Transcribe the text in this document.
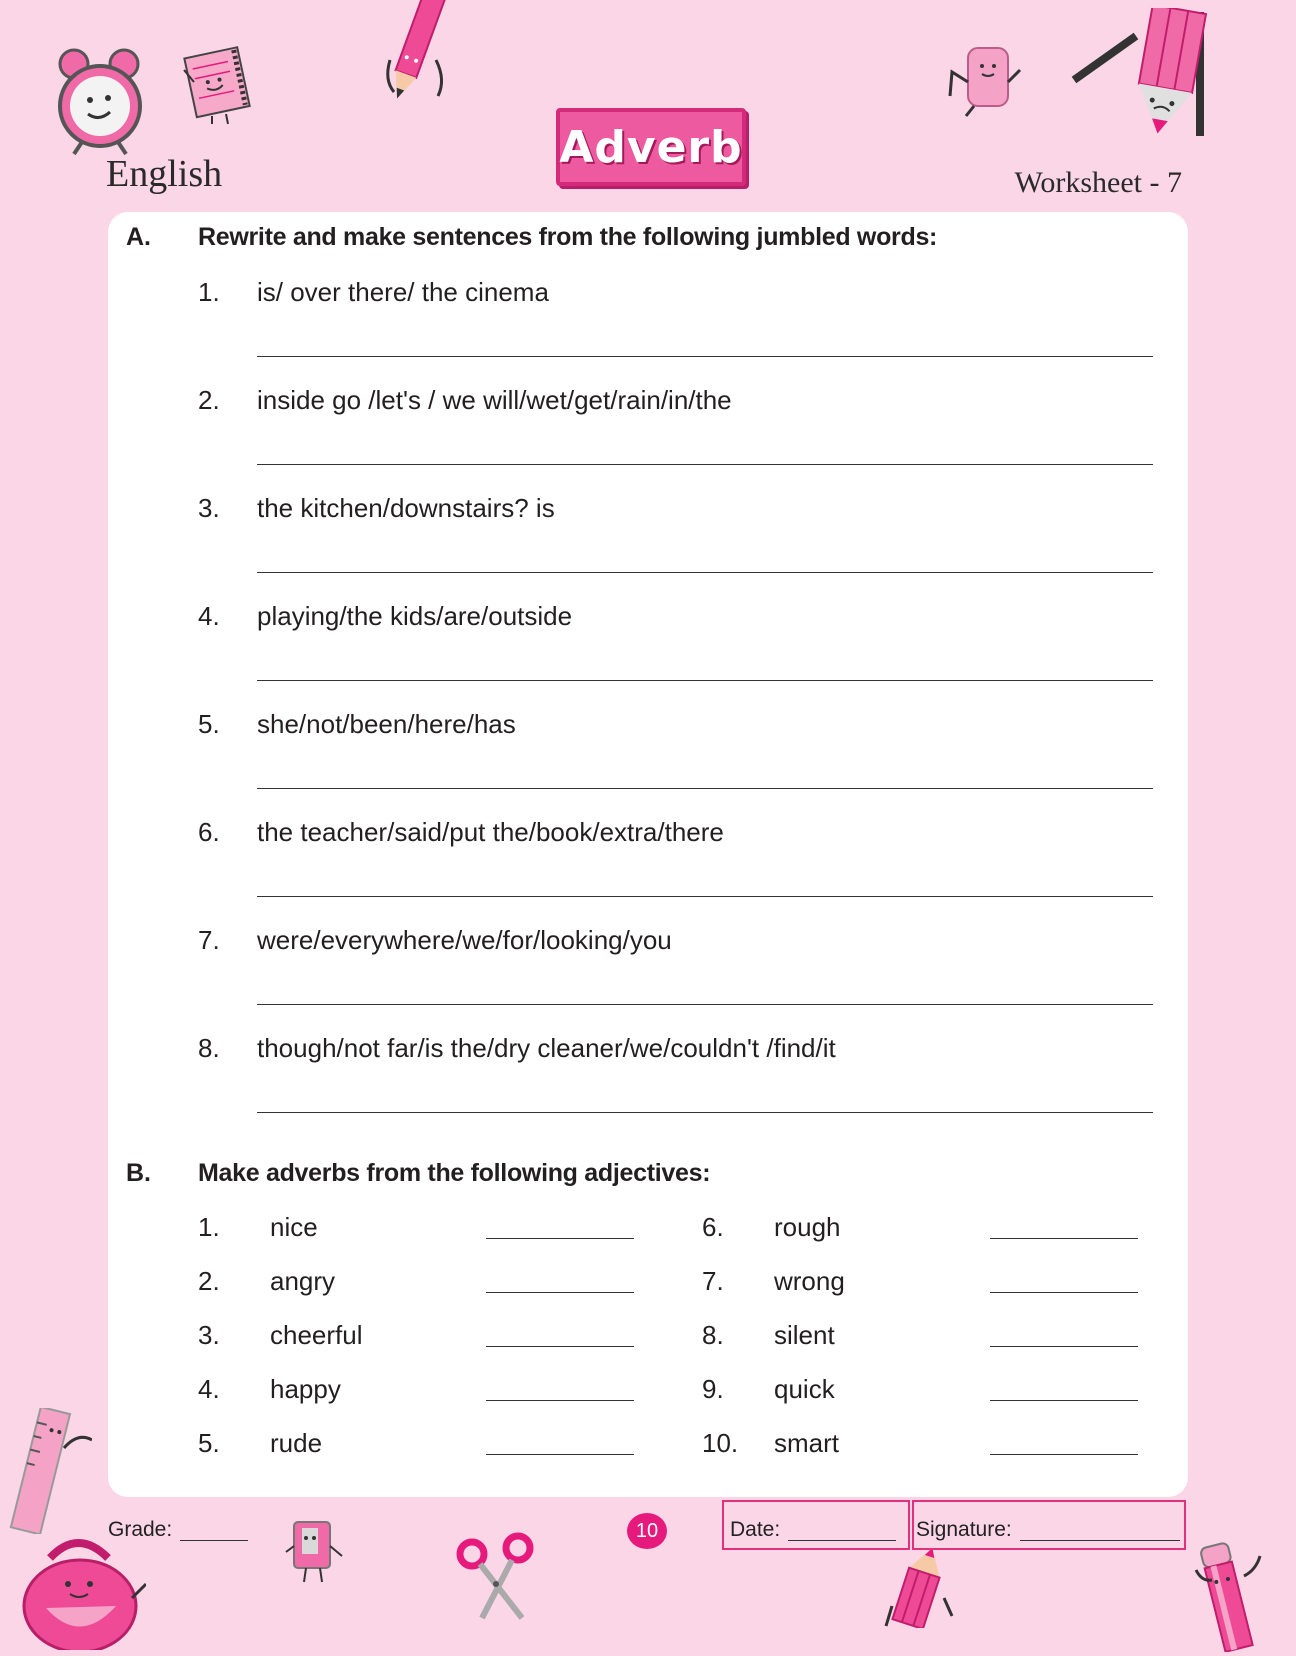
English
Adverb
Worksheet - 7
A. Rewrite and make sentences from the following jumbled words:
1. is/ over there/ the cinema
2. inside go /let's / we will/wet/get/rain/in/the
3. the kitchen/downstairs? is
4. playing/the kids/are/outside
5. she/not/been/here/has
6. the teacher/said/put the/book/extra/there
7. were/everywhere/we/for/looking/you
8. though/not far/is the/dry cleaner/we/couldn't /find/it
B. Make adverbs from the following adjectives:
1. nice
2. angry
3. cheerful
4. happy
5. rude
6. rough
7. wrong
8. silent
9. quick
10. smart
Grade:	10	Date:	Signature:
